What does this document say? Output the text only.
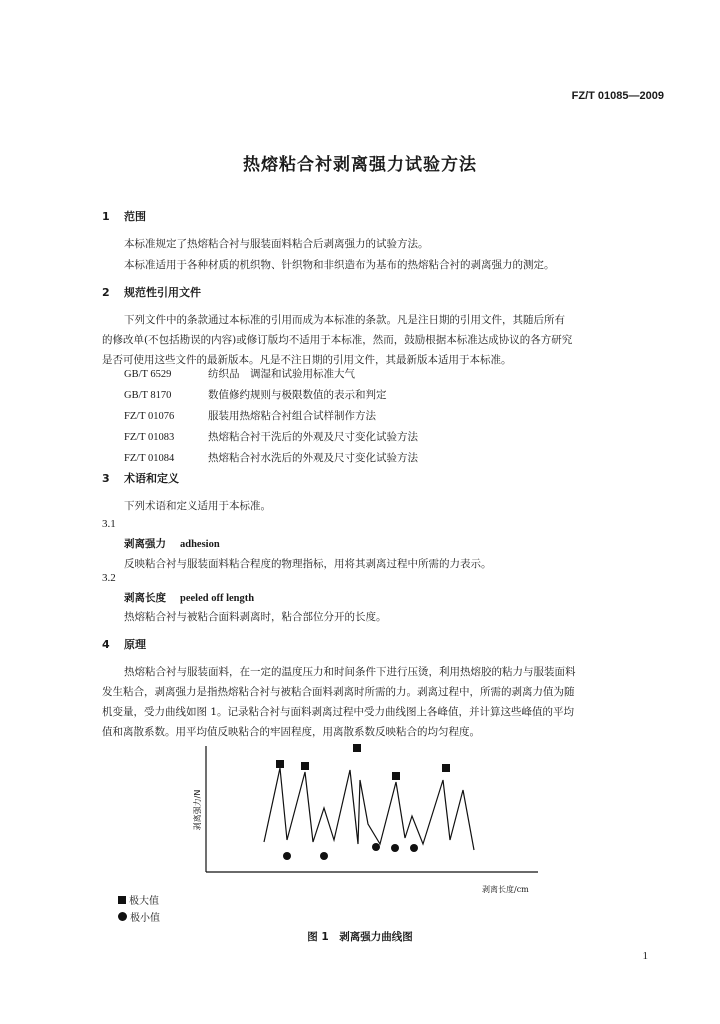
FZ/T 01085—2009
热熔粘合衬剥离强力试验方法
1 范围
本标准规定了热熔粘合衬与服装面料粘合后剥离强力的试验方法。
本标准适用于各种材质的机织物、针织物和非织造布为基布的热熔粘合衬的剥离强力的测定。
2 规范性引用文件
下列文件中的条款通过本标准的引用而成为本标准的条款。凡是注日期的引用文件，其随后所有
的修改单(不包括勘误的内容)或修订版均不适用于本标准，然而，鼓励根据本标准达成协议的各方研究
是否可使用这些文件的最新版本。凡是不注日期的引用文件，其最新版本适用于本标准。
GB/T 6529	纺织品　调湿和试验用标准大气
GB/T 8170	数值修约规则与极限数值的表示和判定
FZ/T 01076	服装用热熔粘合衬组合试样制作方法
FZ/T 01083	热熔粘合衬干洗后的外观及尺寸变化试验方法
FZ/T 01084	热熔粘合衬水洗后的外观及尺寸变化试验方法
3 术语和定义
下列术语和定义适用于本标准。
3.1
剥离强力 adhesion
反映粘合衬与服装面料粘合程度的物理指标，用将其剥离过程中所需的力表示。
3.2
剥离长度 peeled off length
热熔粘合衬与被粘合面料剥离时，粘合部位分开的长度。
4 原理
热熔粘合衬与服装面料，在一定的温度压力和时间条件下进行压烫，利用热熔胶的粘力与服装面料
发生粘合，剥离强力是指热熔粘合衬与被粘合面料剥离时所需的力。剥离过程中，所需的剥离力值为随
机变量，受力曲线如图 1。记录粘合衬与面料剥离过程中受力曲线图上各峰值，并计算这些峰值的平均
值和离散系数。用平均值反映粘合的牢固程度，用离散系数反映粘合的均匀程度。
剥离强力/N
剥离长度/cm
极大值
极小值
图 1　剥离强力曲线图
1
